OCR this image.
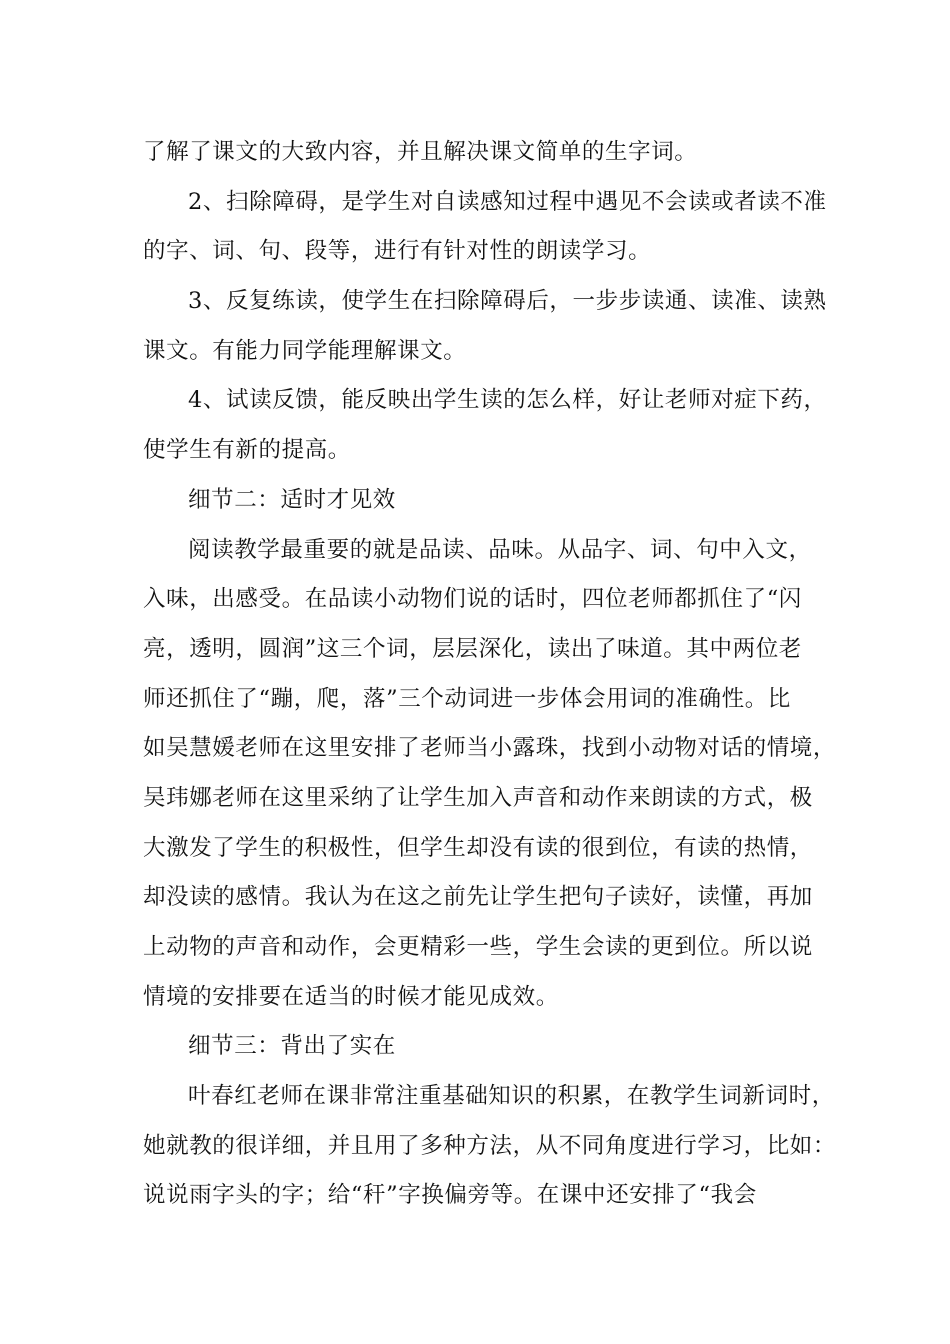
了解了课文的大致内容，并且解决课文简单的生字词。
2、扫除障碍，是学生对自读感知过程中遇见不会读或者读不准
的字、词、句、段等，进行有针对性的朗读学习。
3、反复练读，使学生在扫除障碍后，一步步读通、读准、读熟
课文。有能力同学能理解课文。
4、试读反馈，能反映出学生读的怎么样，好让老师对症下药，
使学生有新的提高。
细节二：适时才见效
阅读教学最重要的就是品读、品味。从品字、词、句中入文，
入味，出感受。在品读小动物们说的话时，四位老师都抓住了“闪
亮，透明，圆润”这三个词，层层深化，读出了味道。其中两位老
师还抓住了“蹦，爬，落”三个动词进一步体会用词的准确性。比
如吴慧媛老师在这里安排了老师当小露珠，找到小动物对话的情境，
吴玮娜老师在这里采纳了让学生加入声音和动作来朗读的方式，极
大激发了学生的积极性，但学生却没有读的很到位，有读的热情，
却没读的感情。我认为在这之前先让学生把句子读好，读懂，再加
上动物的声音和动作，会更精彩一些，学生会读的更到位。所以说
情境的安排要在适当的时候才能见成效。
细节三：背出了实在
叶春红老师在课非常注重基础知识的积累，在教学生词新词时，
她就教的很详细，并且用了多种方法，从不同角度进行学习，比如：
说说雨字头的字；给“秆”字换偏旁等。在课中还安排了“我会
